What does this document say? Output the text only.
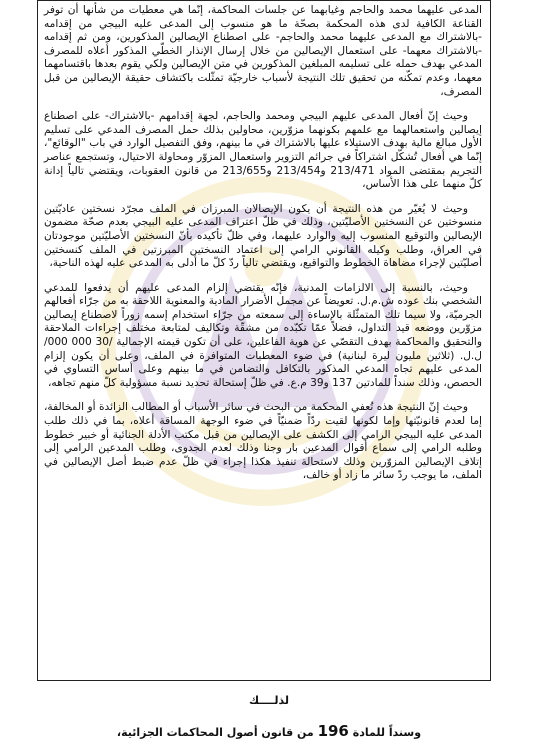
المدعى عليهما محمد والحاجم وغيابهما عن جلسات المحاكمة، إنّما هي معطيات من شأنها أن توفر القناعة الكافية لدى هذه المحكمة بصحّة ما هو منسوب إلى المدعى عليه البيجي من إقدامه -بالاشتراك مع المدعى عليهما محمد والحاجم- على اصطناع الإيصالين المذكورين، ومن ثم إقدامه -بالاشتراك معهما- على استعمال الإيصالين من خلال إرسال الإنذار الخطّي المذكور أعلاه للمصرف المدعي بهدف حمله على تسليمه المبلغين المذكورين في متن الإيصالين ولكي يقوم بعدها باقتسامهما معهما، وعدم تمكّنه من تحقيق تلك النتيجة لأسباب خارجيّة تمثّلت باكتشاف حقيقة الإيصالين من قبل المصرف،

وحيث إنّ أفعال المدعى عليهم البيجي ومحمد والحاجم، لجهة إقدامهم -بالاشتراك- على اصطناع إيصالين واستعمالهما مع علمهم بكونهما مزوّرين، محاولين بذلك حمل المصرف المدعي على تسليم الأول مبالغ مالية بهدف الاستيلاء عليها بالاشتراك في ما بينهم، وفق التفصيل الوارد في باب "الوقائع"، إنّما هي أفعال تُشكّل اشتراكاً في جرائم التزوير واستعمال المزوّر ومحاولة الاحتيال، وتستجمع عناصر التجريم بمقتضى المواد 213/471 و213/454 و213/655 من قانون العقوبات، ويقتضي تالياً إدانة كلّ منهما على هذا الأساس،

وحيث لا يُغيّر من هذه النتيجة أن يكون الإيصالان المبرزان في الملف مجرّد نسختين عاديّتين منسوختين عن النسختين الأصليّتين، وذلك في ظلّ اعتراف المدعى عليه البيجي بعدم صحّة مضمون الإيصالين والتوقيع المنسوب إليه والوارد عليهما، وفي ظلّ تأكيده بأنّ النسختين الأصليّتين موجودتان في العراق، وطلب وكيله القانوني الرامي إلى اعتماد النسختين المبرزتين في الملف كنسختين أصليّتين لإجراء مضاهاة الخطوط والتواقيع، ويقتضي تالياً ردّ كلّ ما أدلى به المدعى عليه لهذه الناحية،

وحيث، بالنسبة إلى الالزامات المدنية، فإنّه يقتضي إلزام المدعى عليهم أن يدفعوا للمدعي الشخصي بنك عوده ش.م.ل. تعويضاً عن مجمل الأضرار المادية والمعنوية اللاحقة به من جرّاء أفعالهم الجرميّة، ولا سيما تلك المتمثّلة بالإساءة إلى سمعته من جرّاء استخدام إسمه زوراً لاصطناع إيصالين مزوّرين ووضعه قيد التداول، فضلاً عمّا تكبّده من مشقّة وتكاليف لمتابعة مختلف إجراءات الملاحقة والتحقيق والمحاكمة بهدف التقصّي عن هوية الفاعلين، على أن تكون قيمته الإجمالية /30 000 000/ ل.ل. (ثلاثين مليون ليرة لبنانية) في ضوء المعطيات المتوافرة في الملف، وعلى أن يكون إلزام المدعى عليهم تجاه المدعي المذكور بالتكافل والتضامن في ما بينهم وعلى أساس التساوي في الحصص، وذلك سنداً للمادتين 137 و39 م.ع. في ظلّ إستحالة تحديد نسبة مسؤولية كلّ منهم تجاهه،

وحيث إنّ النتيجة هذه تُعفي المحكمة من البحث في سائر الأسباب أو المطالب الزائدة أو المخالفة، إما لعدم قانونيّتها وإما لكونها لقيت ردّاً ضمنيّاً في ضوء الوجهة المساقة أعلاه، بما في ذلك طلب المدعى عليه البيجي الرامي إلى الكشف على الإيصالين من قبل مكتب الأدلة الجنائية أو خبير خطوط وطلبه الرامي إلى سماع أقوال المدعين بار وجنا وذلك لعدم الجدوى، وطلب المدعين الرامي إلى إتلاف الإيصالين المزوّرين وذلك لاستحالة تنفيذ هكذا إجراء في ظلّ عدم ضبط أصل الإيصالين في الملف، ما يوجب ردّ سائر ما زاد أو خالف،

لذلــــك
وسنداً للمادة 196 من قانون أصول المحاكمات الجزائية،
